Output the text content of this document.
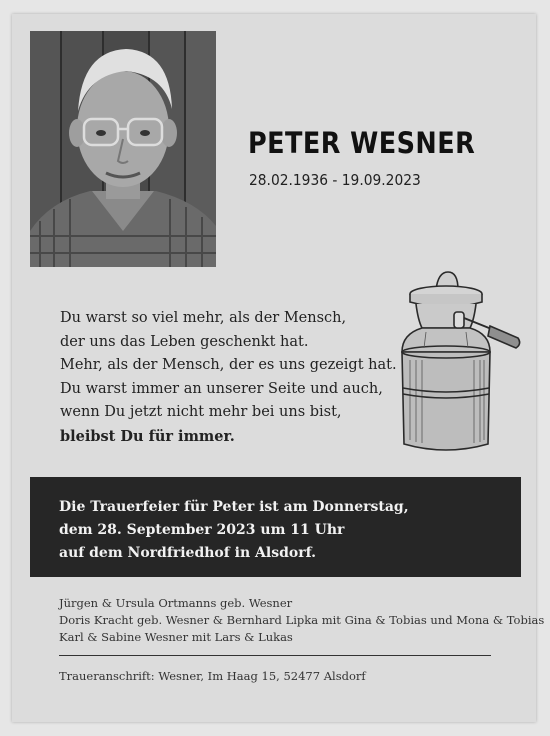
PETER WESNER
28.02.1936 - 19.09.2023
Du warst so viel mehr, als der Mensch,
der uns das Leben geschenkt hat.
Mehr, als der Mensch, der es uns gezeigt hat.
Du warst immer an unserer Seite und auch,
wenn Du jetzt nicht mehr bei uns bist,
bleibst Du für immer.
Die Trauerfeier für Peter ist am Donnerstag,
dem 28. September 2023 um 11 Uhr
auf dem Nordfriedhof in Alsdorf.
Jürgen & Ursula Ortmanns geb. Wesner
Doris Kracht geb. Wesner & Bernhard Lipka mit Gina & Tobias und Mona & Tobias
Karl & Sabine Wesner mit Lars & Lukas
Traueranschrift: Wesner, Im Haag 15, 52477 Alsdorf
